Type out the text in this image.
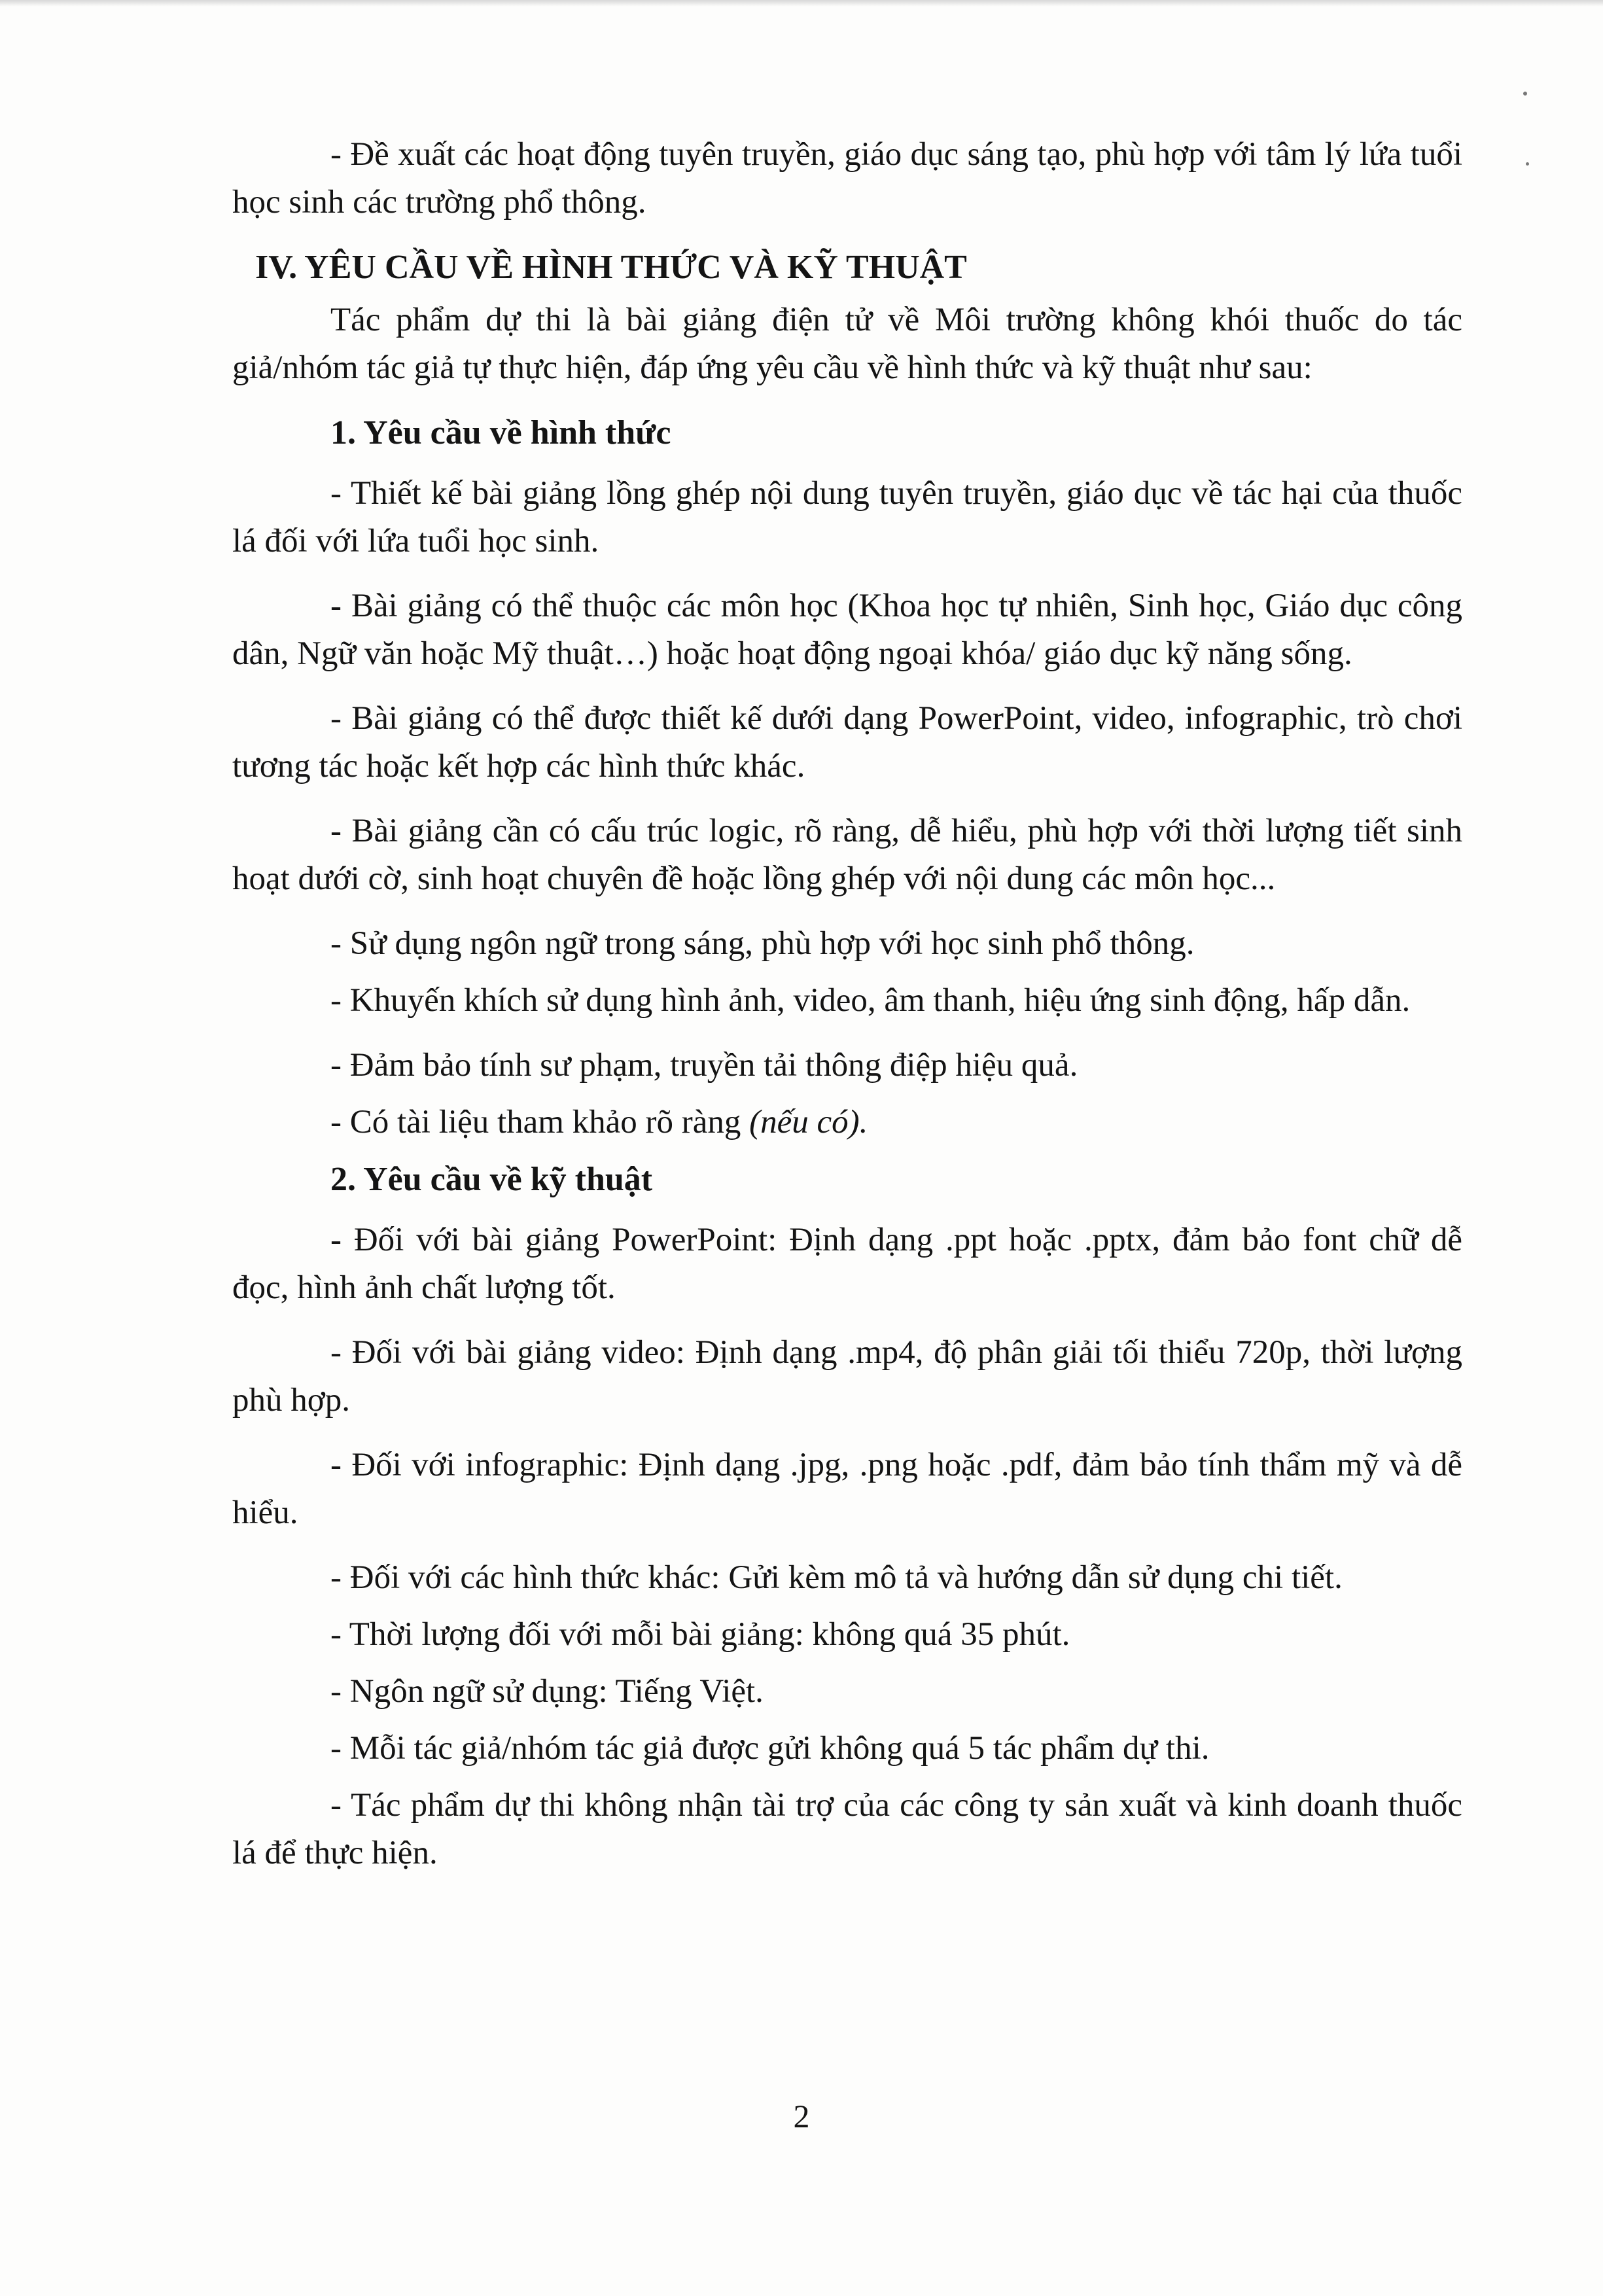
- Đề xuất các hoạt động tuyên truyền, giáo dục sáng tạo, phù hợp với tâm lý lứa tuổi học sinh các trường phổ thông.

IV. YÊU CẦU VỀ HÌNH THỨC VÀ KỸ THUẬT

Tác phẩm dự thi là bài giảng điện tử về Môi trường không khói thuốc do tác giả/nhóm tác giả tự thực hiện, đáp ứng yêu cầu về hình thức và kỹ thuật như sau:

1. Yêu cầu về hình thức

- Thiết kế bài giảng lồng ghép nội dung tuyên truyền, giáo dục về tác hại của thuốc lá đối với lứa tuổi học sinh.

- Bài giảng có thể thuộc các môn học (Khoa học tự nhiên, Sinh học, Giáo dục công dân, Ngữ văn hoặc Mỹ thuật…) hoặc hoạt động ngoại khóa/ giáo dục kỹ năng sống.

- Bài giảng có thể được thiết kế dưới dạng PowerPoint, video, infographic, trò chơi tương tác hoặc kết hợp các hình thức khác.

- Bài giảng cần có cấu trúc logic, rõ ràng, dễ hiểu, phù hợp với thời lượng tiết sinh hoạt dưới cờ, sinh hoạt chuyên đề hoặc lồng ghép với nội dung các môn học...

- Sử dụng ngôn ngữ trong sáng, phù hợp với học sinh phổ thông.

- Khuyến khích sử dụng hình ảnh, video, âm thanh, hiệu ứng sinh động, hấp dẫn.

- Đảm bảo tính sư phạm, truyền tải thông điệp hiệu quả.

- Có tài liệu tham khảo rõ ràng (nếu có).

2. Yêu cầu về kỹ thuật

- Đối với bài giảng PowerPoint: Định dạng .ppt hoặc .pptx, đảm bảo font chữ dễ đọc, hình ảnh chất lượng tốt.

- Đối với bài giảng video: Định dạng .mp4, độ phân giải tối thiểu 720p, thời lượng phù hợp.

- Đối với infographic: Định dạng .jpg, .png hoặc .pdf, đảm bảo tính thẩm mỹ và dễ hiểu.

- Đối với các hình thức khác: Gửi kèm mô tả và hướng dẫn sử dụng chi tiết.

- Thời lượng đối với mỗi bài giảng: không quá 35 phút.

- Ngôn ngữ sử dụng: Tiếng Việt.

- Mỗi tác giả/nhóm tác giả được gửi không quá 5 tác phẩm dự thi.

- Tác phẩm dự thi không nhận tài trợ của các công ty sản xuất và kinh doanh thuốc lá để thực hiện.

2
